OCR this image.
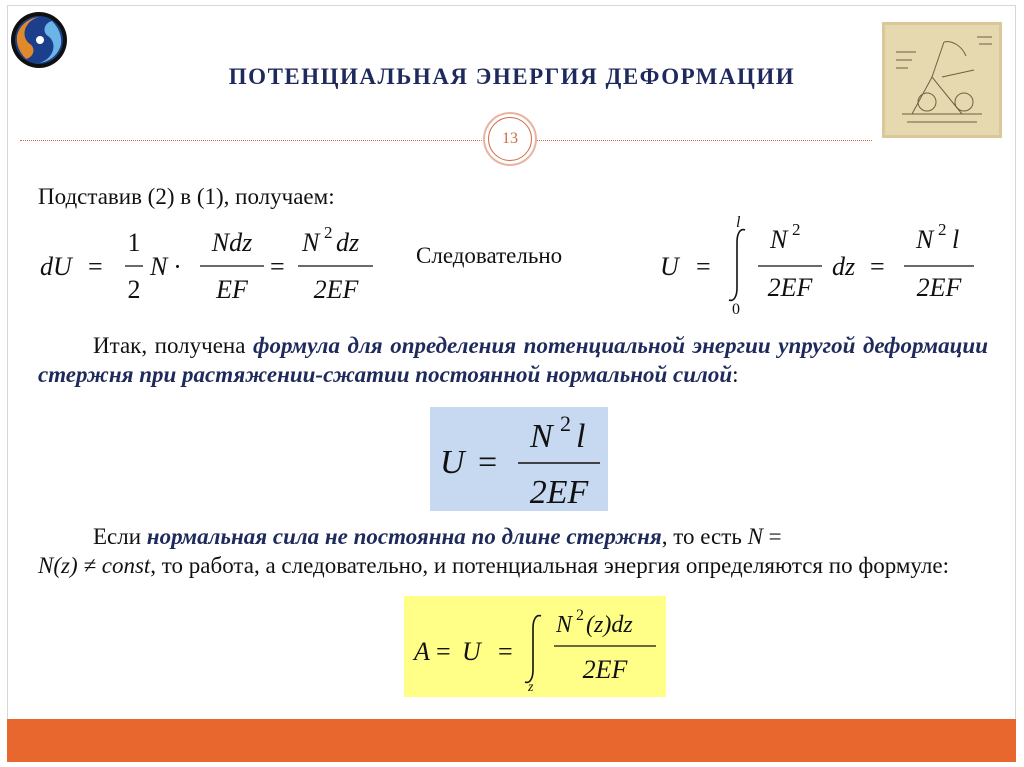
ПОТЕНЦИАЛЬНАЯ ЭНЕРГИЯ ДЕФОРМАЦИИ
13
Подставив (2) в (1), получаем:
dU =
1
2
N ·
Ndz
EF
=
N 2 dz
2EF
Следовательно	U =
l
0
N 2
2EF
dz =
N 2 l
2EF
Итак, получена формула для определения потенциальной энергии упругой деформации стержня при растяжении-сжатии постоянной нормальной силой:
U =
N 2 l
2EF
Если нормальная сила не постоянна по длине стержня, то есть N =
N(z) ≠ const, то работа, а следовательно, и потенциальная энергия определяются по формуле:
A = U =
z
N 2 (z)dz
2EF
